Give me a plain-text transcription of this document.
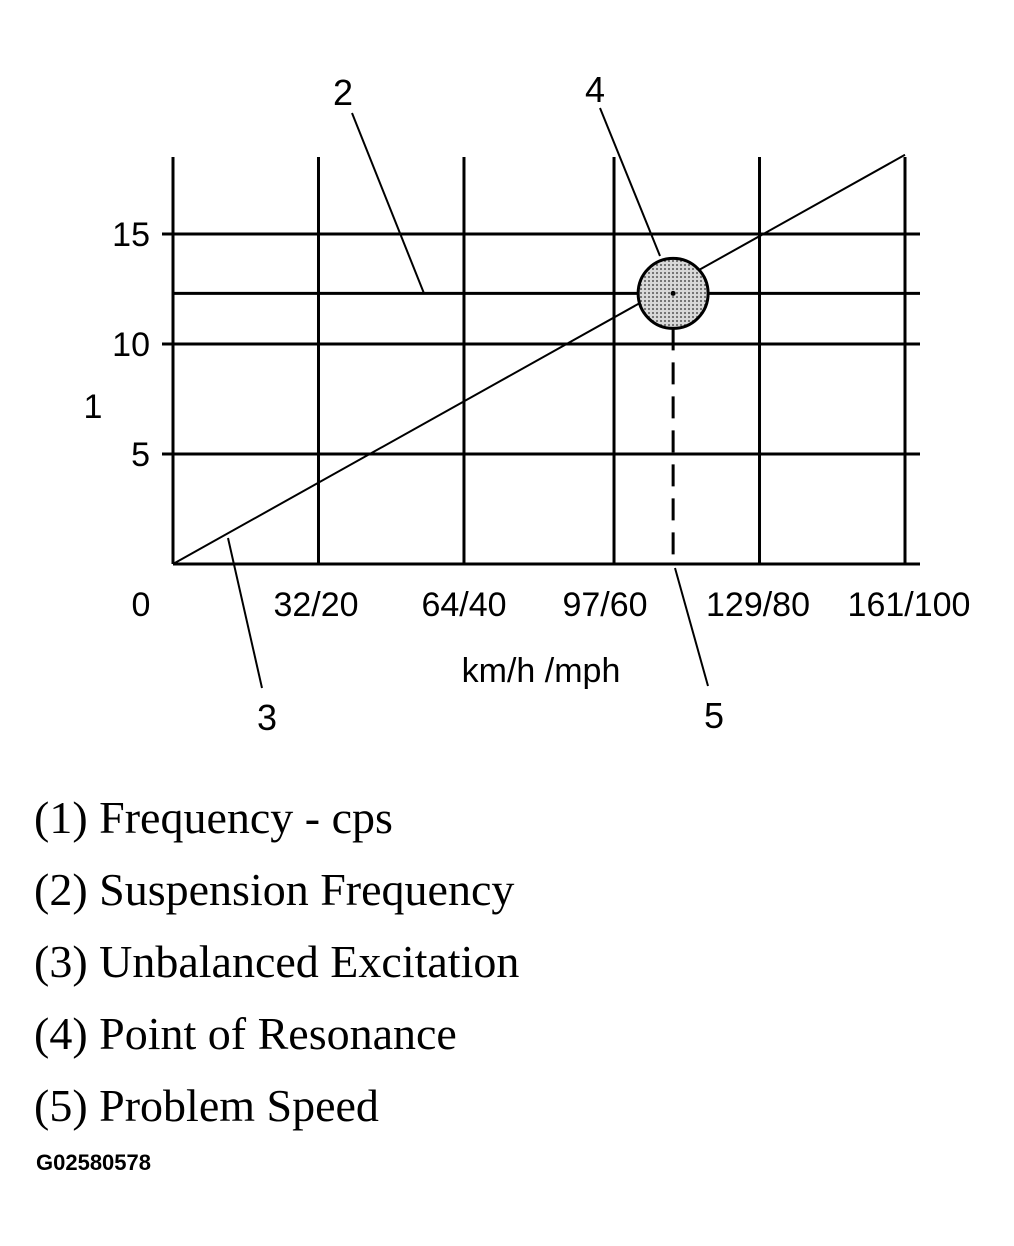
2	4
3	5
5
10
15
0	32/20 64/40 97/60 129/80 161/100
1
km/h /mph
(1) Frequency - cps
(2) Suspension Frequency
(3) Unbalanced Excitation
(4) Point of Resonance
(5) Problem Speed
G02580578
